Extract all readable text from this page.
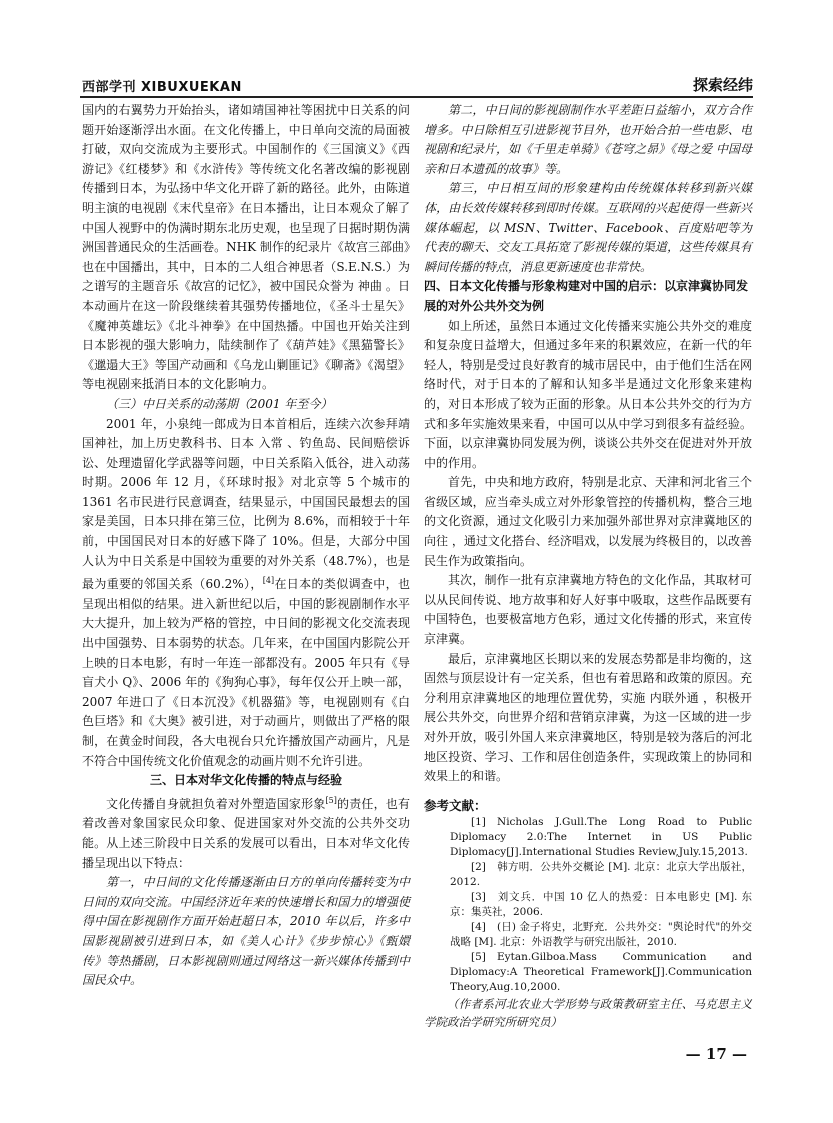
西部学刊 XIBUXUEKAN	探索经纬

国内的右翼势力开始抬头，诸如靖国神社等困扰中日关系的问题开始逐渐浮出水面。在文化传播上，中日单向交流的局面被打破，双向交流成为主要形式。中国制作的《三国演义》《西游记》《红楼梦》和《水浒传》等传统文化名著改编的影视剧传播到日本，为弘扬中华文化开辟了新的路径。此外，由陈道明主演的电视剧《末代皇帝》在日本播出，让日本观众了解了中国人视野中的伪满时期东北历史观，也呈现了日据时期伪满洲国普通民众的生活画卷。NHK 制作的纪录片《故宫三部曲》也在中国播出，其中，日本的二人组合神思者（S.E.N.S.）为之谱写的主题音乐《故宫的记忆》，被中国民众誉为 神曲 。日本动画片在这一阶段继续着其强势传播地位，《圣斗士星矢》《魔神英雄坛》《北斗神拳》在中国热播。中国也开始关注到日本影视的强大影响力，陆续制作了《葫芦娃》《黑猫警长》《邋遢大王》等国产动画和《乌龙山剿匪记》《聊斋》《渴望》等电视剧来抵消日本的文化影响力。

（三）中日关系的动荡期（2001 年至今）

2001 年，小泉纯一郎成为日本首相后，连续六次参拜靖国神社，加上历史教科书、日本 入常 、钓鱼岛、民间赔偿诉讼、处理遗留化学武器等问题，中日关系陷入低谷，进入动荡时期。2006 年 12 月，《环球时报》对北京等 5 个城市的 1361 名市民进行民意调查，结果显示，中国国民最想去的国家是美国，日本只排在第三位，比例为 8.6%，而相较于十年前，中国国民对日本的好感下降了 10%。但是，大部分中国人认为中日关系是中国较为重要的对外关系（48.7%），也是最为重要的邻国关系（60.2%），[4]在日本的类似调查中，也呈现出相似的结果。进入新世纪以后，中国的影视剧制作水平大大提升，加上较为严格的管控，中日间的影视文化交流表现出中国强势、日本弱势的状态。几年来，在中国国内影院公开上映的日本电影，有时一年连一部都没有。2005 年只有《导盲犬小 Q》、2006 年的《狗狗心事》，每年仅公开上映一部，2007 年进口了《日本沉没》《机器猫》等，电视剧则有《白色巨塔》和《大奥》被引进，对于动画片，则做出了严格的限制，在黄金时间段，各大电视台只允许播放国产动画片，凡是不符合中国传统文化价值观念的动画片则不允许引进。

三、日本对华文化传播的特点与经验

文化传播自身就担负着对外塑造国家形象[5]的责任，也有着改善对象国家民众印象、促进国家对外交流的公共外交功能。从上述三阶段中日关系的发展可以看出，日本对华文化传播呈现出以下特点：

第一，中日间的文化传播逐渐由日方的单向传播转变为中日间的双向交流。中国经济近年来的快速增长和国力的增强使得中国在影视剧作方面开始赶超日本，2010 年以后，许多中国影视剧被引进到日本，如《美人心计》《步步惊心》《甄嬛传》等热播剧，日本影视剧则通过网络这一新兴媒体传播到中国民众中。

第二，中日间的影视剧制作水平差距日益缩小，双方合作增多。中日除相互引进影视节目外，也开始合拍一些电影、电视剧和纪录片，如《千里走单骑》《苍穹之昴》《母之爱 中国母亲和日本遗孤的故事》等。

第三，中日相互间的形象建构由传统媒体转移到新兴媒体，由长效传媒转移到即时传媒。互联网的兴起使得一些新兴媒体崛起，以 MSN、Twitter、Facebook、百度贴吧等为代表的聊天、交友工具拓宽了影视传媒的渠道，这些传媒具有瞬间传播的特点，消息更新速度也非常快。

四、日本文化传播与形象构建对中国的启示：以京津冀协同发展的对外公共外交为例

如上所述，虽然日本通过文化传播来实施公共外交的难度和复杂度日益增大，但通过多年来的积累效应，在新一代的年轻人，特别是受过良好教育的城市居民中，由于他们生活在网络时代，对于日本的了解和认知多半是通过文化形象来建构的，对日本形成了较为正面的形象。从日本公共外交的行为方式和多年实施效果来看，中国可以从中学习到很多有益经验。下面，以京津冀协同发展为例，谈谈公共外交在促进对外开放中的作用。

首先，中央和地方政府，特别是北京、天津和河北省三个省级区域，应当牵头成立对外形象管控的传播机构，整合三地的文化资源，通过文化吸引力来加强外部世界对京津冀地区的 向往 ，通过文化搭台、经济唱戏，以发展为终极目的，以改善民生作为政策指向。

其次，制作一批有京津冀地方特色的文化作品，其取材可以从民间传说、地方故事和好人好事中吸取，这些作品既要有中国特色，也要极富地方色彩，通过文化传播的形式，来宣传京津冀。

最后，京津冀地区长期以来的发展态势都是非均衡的，这固然与顶层设计有一定关系，但也有着思路和政策的原因。充分利用京津冀地区的地理位置优势，实施 内联外通 ，积极开展公共外交，向世界介绍和营销京津冀，为这一区域的进一步对外开放，吸引外国人来京津冀地区，特别是较为落后的河北地区投资、学习、工作和居住创造条件，实现政策上的协同和效果上的和谐。

参考文献：

[1] Nicholas J.Gull.The Long Road to Public Diplomacy 2.0:The Internet in US Public Diplomacy[J].International Studies Review,July.15,2013.

[2] 韩方明．公共外交概论 [M]. 北京：北京大学出版社，2012.

[3] 刘文兵．中国 10 亿人的热爱：日本电影史 [M]. 东京：集英社，2006.

[4] (日) 金子将史，北野充．公共外交："舆论时代"的外交战略 [M]. 北京：外语教学与研究出版社，2010.

[5] Eytan.Gilboa.Mass Communication and Diplomacy:A Theoretical Framework[J].Communication Theory,Aug.10,2000.

（作者系河北农业大学形势与政策教研室主任、马克思主义学院政治学研究所研究员）

— 17 —
